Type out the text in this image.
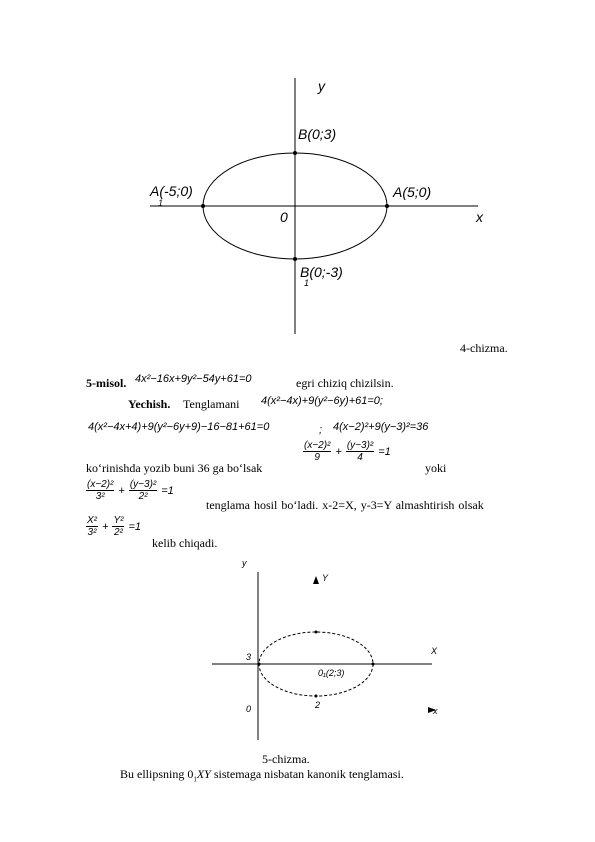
y
B(0;3)
A(-5;0)
1
A(5;0)
0	x
B(0;-3)
1
4-chizma.
5-misol. 4x²−16x+9y²−54y+61=0	egri chiziq chizilsin.
Yechish. Tenglamani 4(x²−4x)+9(y²−6y)+61=0;
4(x²−4x+4)+9(y²−6y+9)−16−81+61=0	; 4(x−2)²+9(y−3)²=36
ko‘rinishda yozib buni 36 ga bo‘lsak
$\frac{\text{(x−2)²}}{9} + \frac{\text{(y−3)²}}{4} =1$
yoki
$\frac{\text{(x−2)²}}{\text{3²}} + \frac{\text{(y−3)²}}{\text{2²}} =1$
tenglama hosil bo‘ladi. x-2=X, y-3=Y almashtirish olsak
$\frac{\text{X²}}{\text{3²}} + \frac{\text{Y²}}{\text{2²}} =1$
kelib chiqadi.
y
Y
X
3
0₁(2;3)
0	2
x
5-chizma.
Bu ellipsning $0_1XY$ sistemaga nisbatan kanonik tenglamasi.
